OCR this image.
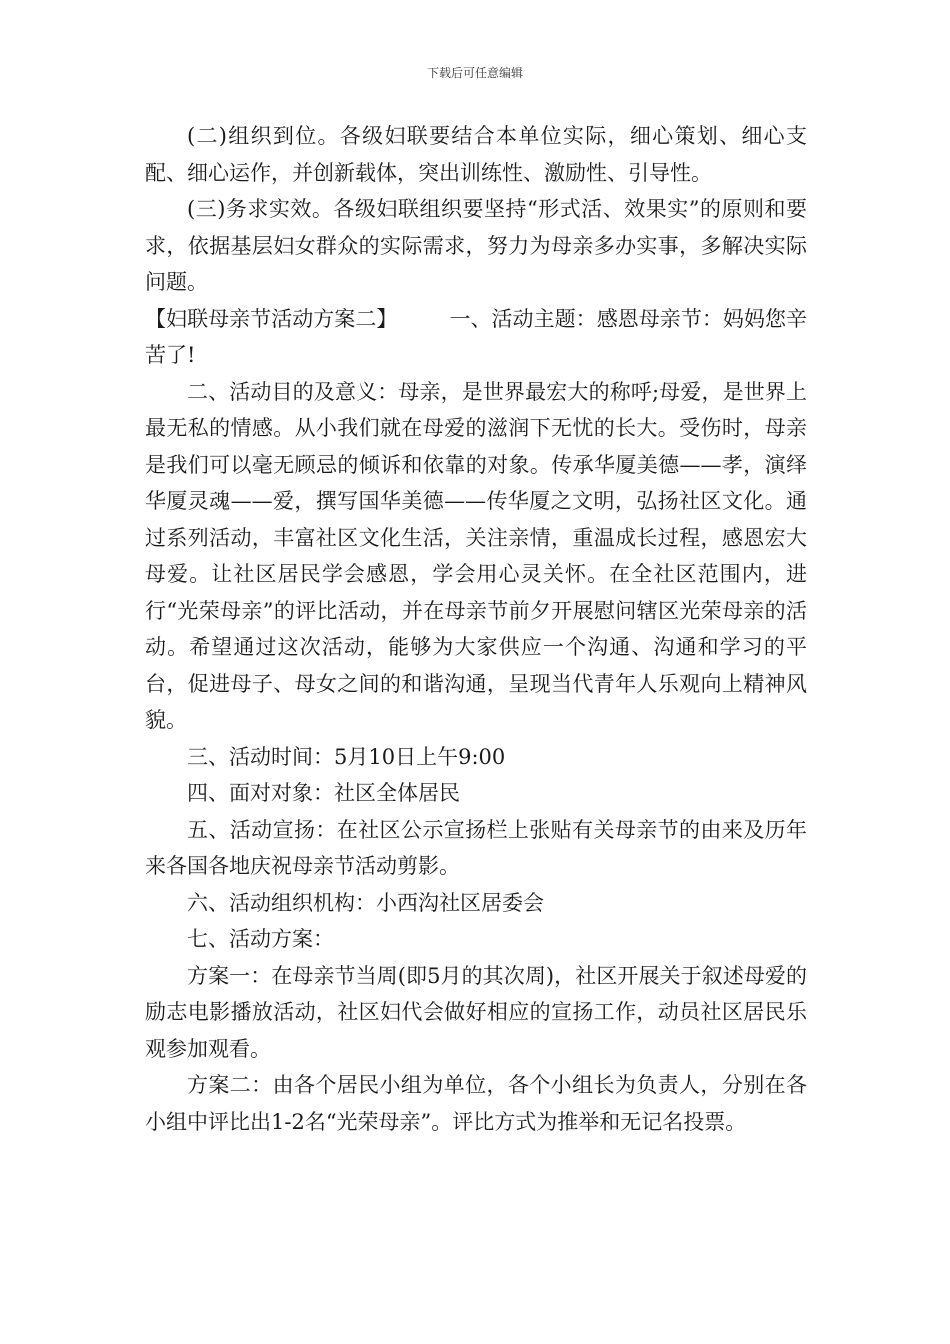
下载后可任意编辑

(二)组织到位。各级妇联要结合本单位实际，细心策划、细心支配、细心运作，并创新载体，突出训练性、激励性、引导性。

(三)务求实效。各级妇联组织要坚持“形式活、效果实”的原则和要求，依据基层妇女群众的实际需求，努力为母亲多办实事，多解决实际问题。

【妇联母亲节活动方案二】 一、活动主题：感恩母亲节：妈妈您辛苦了!

二、活动目的及意义：母亲，是世界最宏大的称呼;母爱，是世界上最无私的情感。从小我们就在母爱的滋润下无忧的长大。受伤时，母亲是我们可以毫无顾忌的倾诉和依靠的对象。传承华厦美德——孝，演绎华厦灵魂——爱，撰写国华美德——传华厦之文明，弘扬社区文化。通过系列活动，丰富社区文化生活，关注亲情，重温成长过程，感恩宏大母爱。让社区居民学会感恩，学会用心灵关怀。在全社区范围内，进行“光荣母亲”的评比活动，并在母亲节前夕开展慰问辖区光荣母亲的活动。希望通过这次活动，能够为大家供应一个沟通、沟通和学习的平台，促进母子、母女之间的和谐沟通，呈现当代青年人乐观向上精神风貌。

三、活动时间：5月10日上午9:00

四、面对对象：社区全体居民

五、活动宣扬：在社区公示宣扬栏上张贴有关母亲节的由来及历年来各国各地庆祝母亲节活动剪影。

六、活动组织机构：小西沟社区居委会

七、活动方案：

方案一：在母亲节当周(即5月的其次周)，社区开展关于叙述母爱的励志电影播放活动，社区妇代会做好相应的宣扬工作，动员社区居民乐观参加观看。

方案二：由各个居民小组为单位，各个小组长为负责人，分别在各小组中评比出1-2名“光荣母亲”。评比方式为推举和无记名投票。
